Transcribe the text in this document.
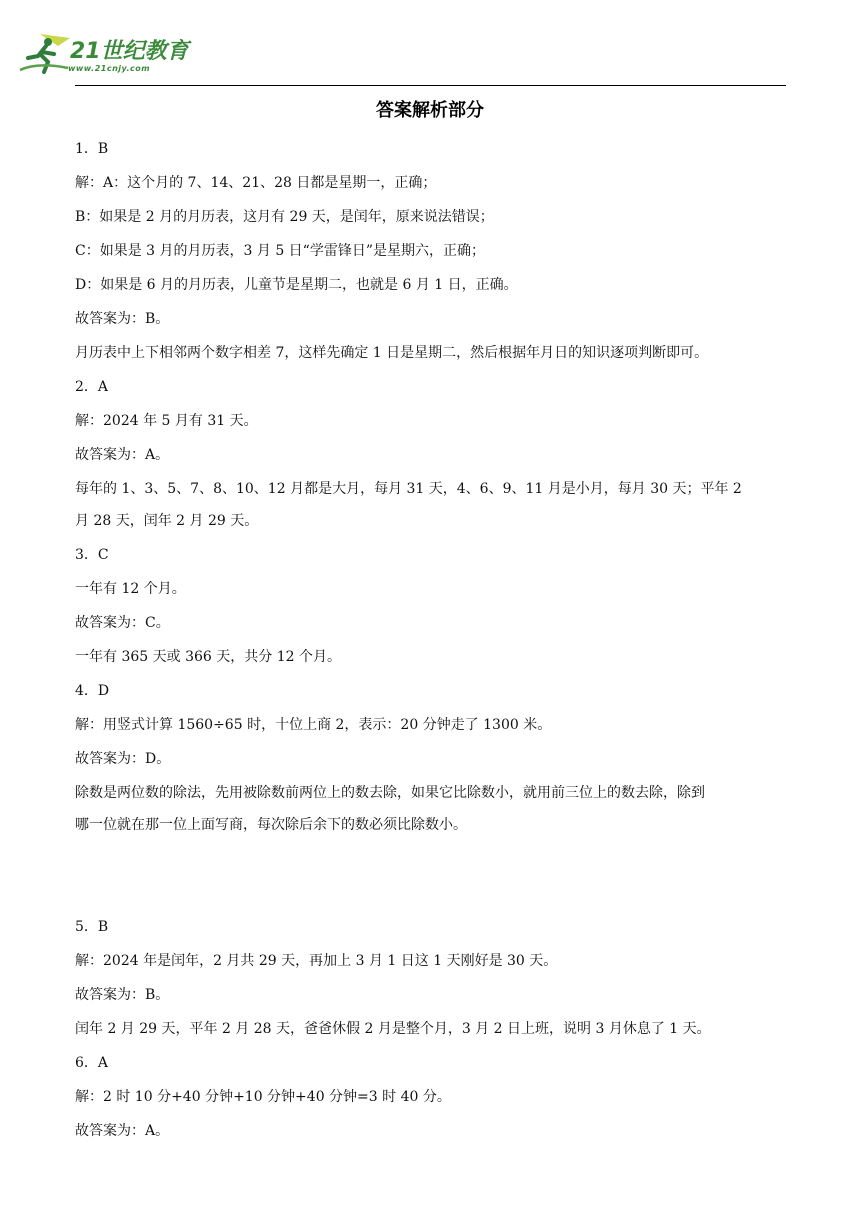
21世纪教育
www.21cnjy.com
答案解析部分
1．B
解：A：这个月的 7、14、21、28 日都是星期一，正确；
B：如果是 2 月的月历表，这月有 29 天，是闰年，原来说法错误；
C：如果是 3 月的月历表，3 月 5 日“学雷锋日”是星期六，正确；
D：如果是 6 月的月历表，儿童节是星期二，也就是 6 月 1 日，正确。
故答案为：B。
月历表中上下相邻两个数字相差 7，这样先确定 1 日是星期二，然后根据年月日的知识逐项判断即可。
2．A
解：2024 年 5 月有 31 天。
故答案为：A。
每年的 1、3、5、7、8、10、12 月都是大月，每月 31 天，4、6、9、11 月是小月，每月 30 天；平年 2
月 28 天，闰年 2 月 29 天。
3．C
一年有 12 个月。
故答案为：C。
一年有 365 天或 366 天，共分 12 个月。
4．D
解：用竖式计算 1560÷65 时，十位上商 2，表示：20 分钟走了 1300 米。
故答案为：D。
除数是两位数的除法，先用被除数前两位上的数去除，如果它比除数小，就用前三位上的数去除，除到
哪一位就在那一位上面写商，每次除后余下的数必须比除数小。
5．B
解：2024 年是闰年，2 月共 29 天，再加上 3 月 1 日这 1 天刚好是 30 天。
故答案为：B。
闰年 2 月 29 天，平年 2 月 28 天，爸爸休假 2 月是整个月，3 月 2 日上班，说明 3 月休息了 1 天。
6．A
解：2 时 10 分+40 分钟+10 分钟+40 分钟=3 时 40 分。
故答案为：A。
